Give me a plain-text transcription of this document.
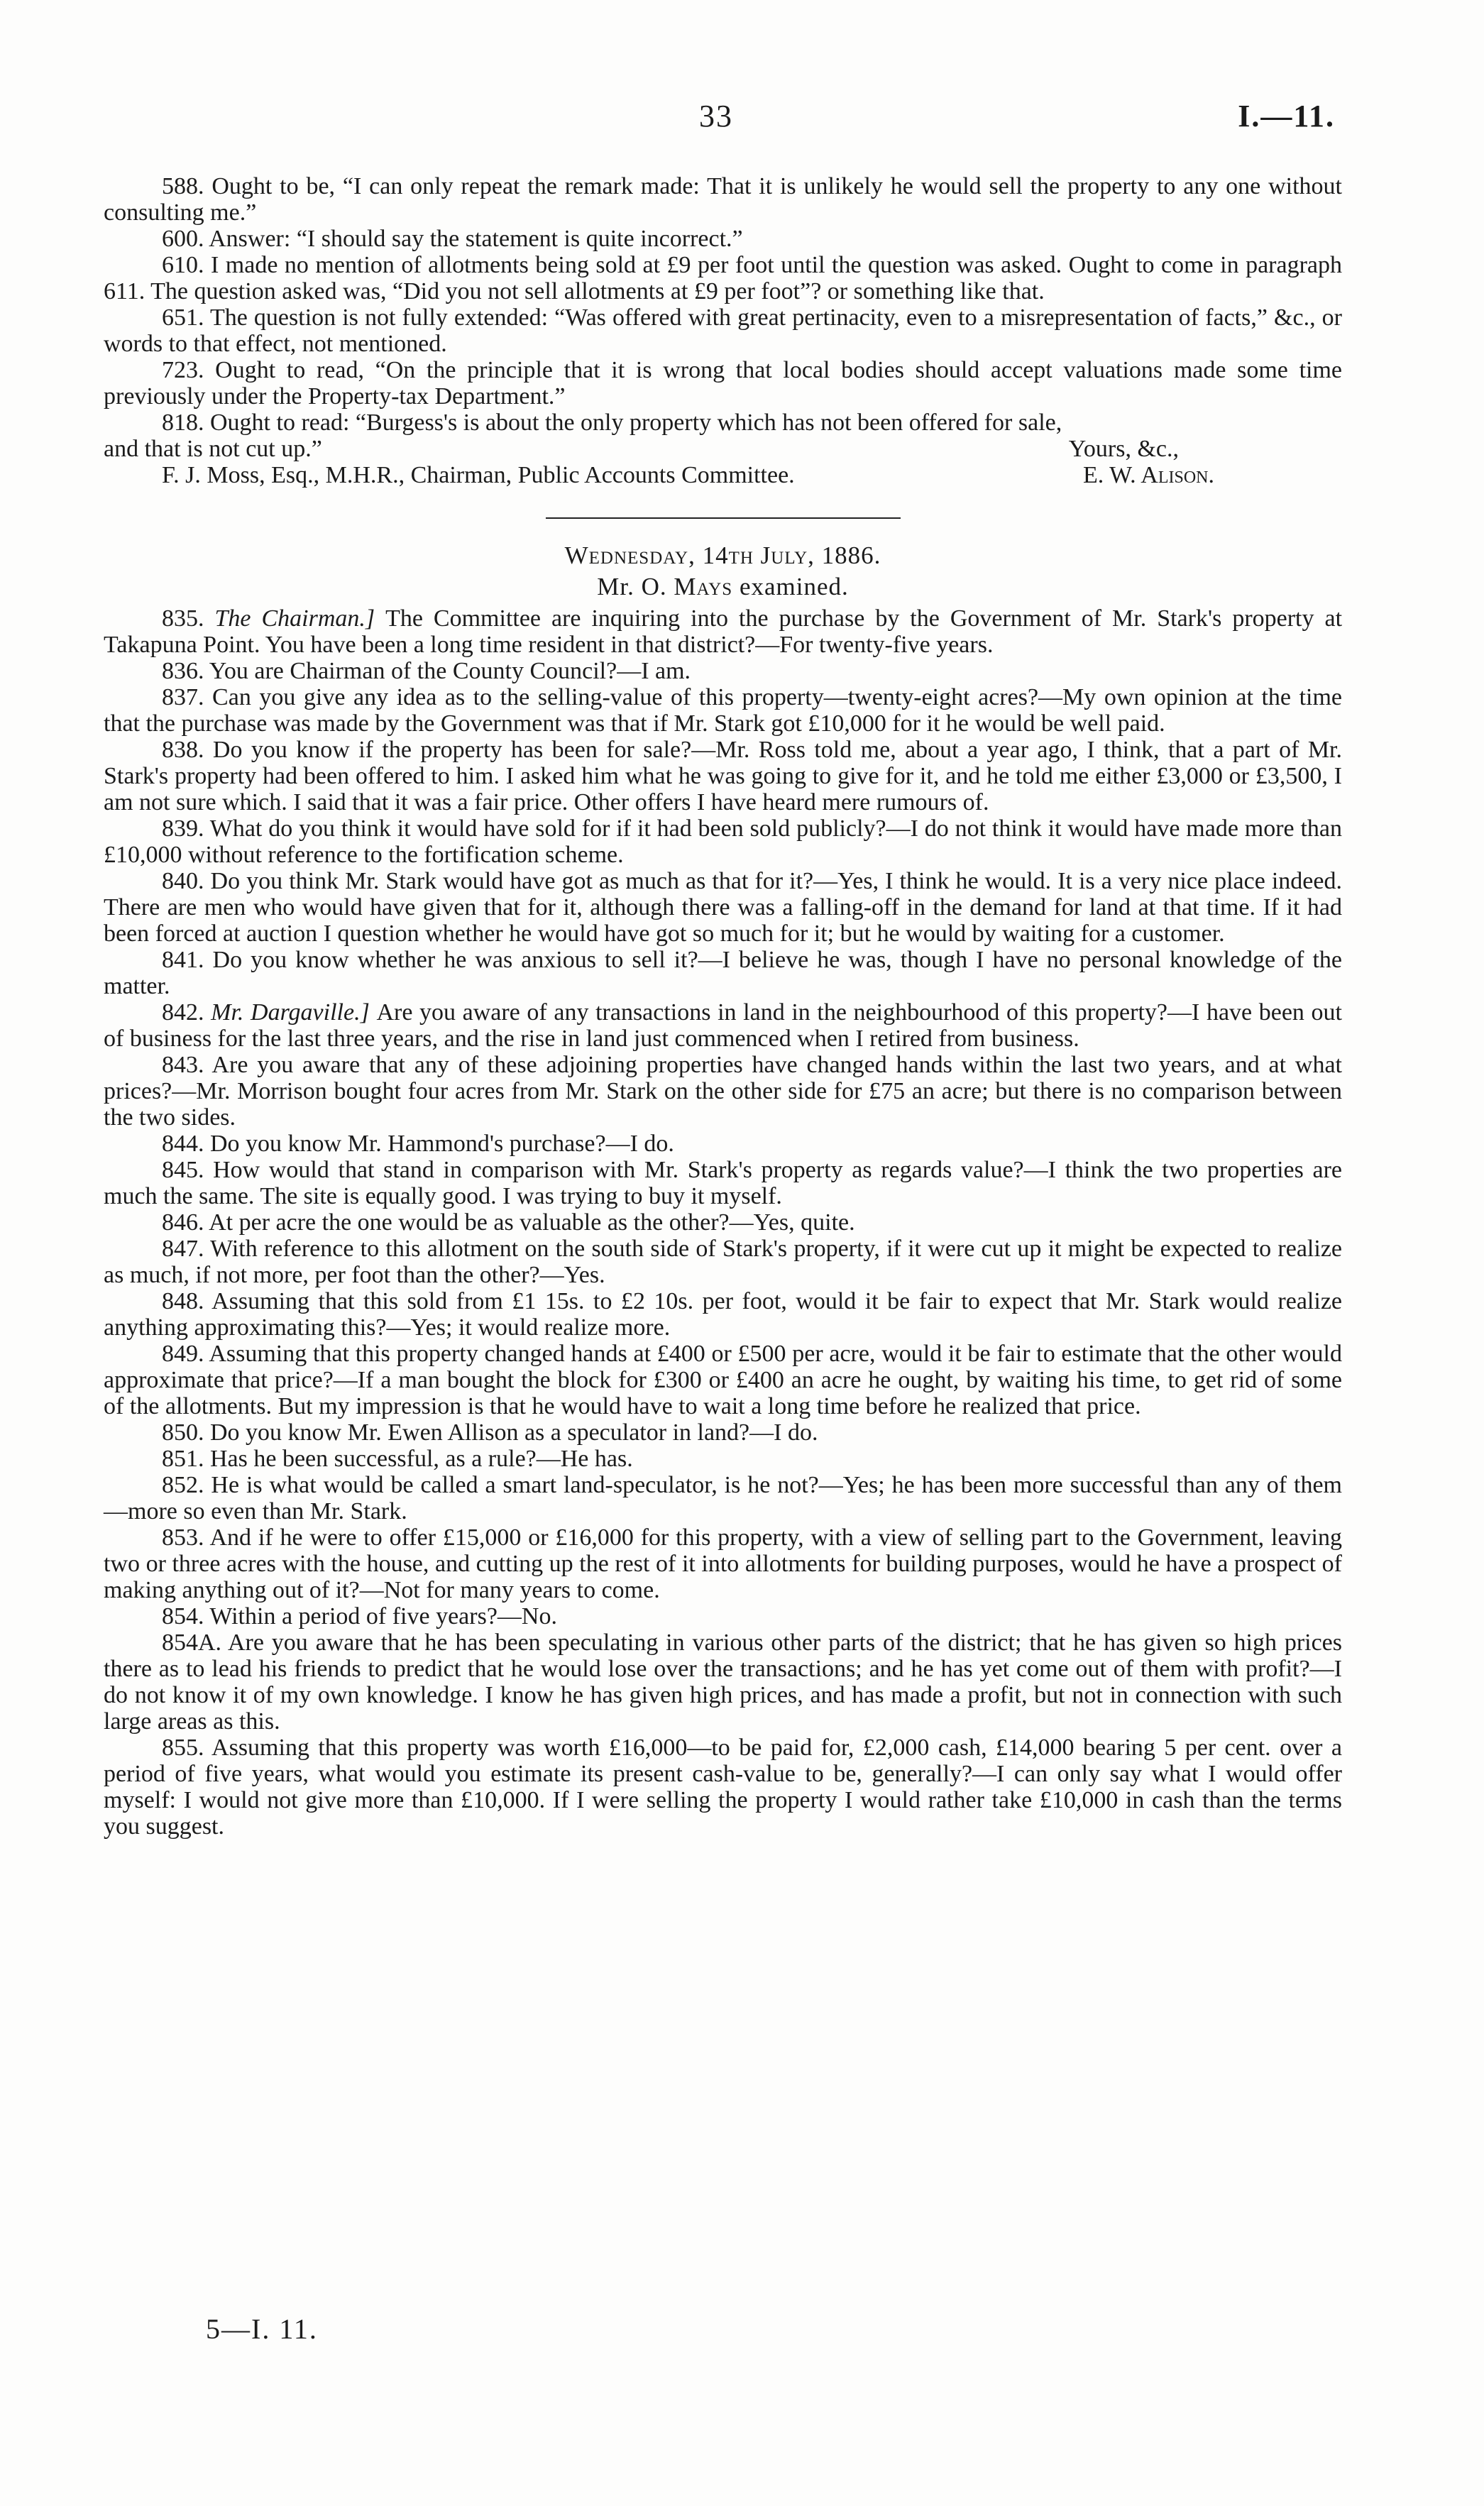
33	I.—11.

588. Ought to be, “I can only repeat the remark made: That it is unlikely he would sell the property to any one without consulting me.”

600. Answer: “I should say the statement is quite incorrect.”

610. I made no mention of allotments being sold at £9 per foot until the question was asked. Ought to come in paragraph 611. The question asked was, “Did you not sell allotments at £9 per foot”? or something like that.

651. The question is not fully extended: “Was offered with great pertinacity, even to a misrepresentation of facts,” &c., or words to that effect, not mentioned.

723. Ought to read, “On the principle that it is wrong that local bodies should accept valuations made some time previously under the Property-tax Department.”

818. Ought to read: “Burgess's is about the only property which has not been offered for sale,

and that is not cut up.”	Yours, &c.,

F. J. Moss, Esq., M.H.R., Chairman, Public Accounts Committee.	E. W. Alison.

Wednesday, 14th July, 1886.

Mr. O. Mays examined.

835. The Chairman.] The Committee are inquiring into the purchase by the Government of Mr. Stark's property at Takapuna Point. You have been a long time resident in that district?—For twenty-five years.

836. You are Chairman of the County Council?—I am.

837. Can you give any idea as to the selling-value of this property—twenty-eight acres?—My own opinion at the time that the purchase was made by the Government was that if Mr. Stark got £10,000 for it he would be well paid.

838. Do you know if the property has been for sale?—Mr. Ross told me, about a year ago, I think, that a part of Mr. Stark's property had been offered to him. I asked him what he was going to give for it, and he told me either £3,000 or £3,500, I am not sure which. I said that it was a fair price. Other offers I have heard mere rumours of.

839. What do you think it would have sold for if it had been sold publicly?—I do not think it would have made more than £10,000 without reference to the fortification scheme.

840. Do you think Mr. Stark would have got as much as that for it?—Yes, I think he would. It is a very nice place indeed. There are men who would have given that for it, although there was a falling-off in the demand for land at that time. If it had been forced at auction I question whether he would have got so much for it; but he would by waiting for a customer.

841. Do you know whether he was anxious to sell it?—I believe he was, though I have no personal knowledge of the matter.

842. Mr. Dargaville.] Are you aware of any transactions in land in the neighbourhood of this property?—I have been out of business for the last three years, and the rise in land just commenced when I retired from business.

843. Are you aware that any of these adjoining properties have changed hands within the last two years, and at what prices?—Mr. Morrison bought four acres from Mr. Stark on the other side for £75 an acre; but there is no comparison between the two sides.

844. Do you know Mr. Hammond's purchase?—I do.

845. How would that stand in comparison with Mr. Stark's property as regards value?—I think the two properties are much the same. The site is equally good. I was trying to buy it myself.

846. At per acre the one would be as valuable as the other?—Yes, quite.

847. With reference to this allotment on the south side of Stark's property, if it were cut up it might be expected to realize as much, if not more, per foot than the other?—Yes.

848. Assuming that this sold from £1 15s. to £2 10s. per foot, would it be fair to expect that Mr. Stark would realize anything approximating this?—Yes; it would realize more.

849. Assuming that this property changed hands at £400 or £500 per acre, would it be fair to estimate that the other would approximate that price?—If a man bought the block for £300 or £400 an acre he ought, by waiting his time, to get rid of some of the allotments. But my impression is that he would have to wait a long time before he realized that price.

850. Do you know Mr. Ewen Allison as a speculator in land?—I do.

851. Has he been successful, as a rule?—He has.

852. He is what would be called a smart land-speculator, is he not?—Yes; he has been more successful than any of them—more so even than Mr. Stark.

853. And if he were to offer £15,000 or £16,000 for this property, with a view of selling part to the Government, leaving two or three acres with the house, and cutting up the rest of it into allotments for building purposes, would he have a prospect of making anything out of it?—Not for many years to come.

854. Within a period of five years?—No.

854A. Are you aware that he has been speculating in various other parts of the district; that he has given so high prices there as to lead his friends to predict that he would lose over the transactions; and he has yet come out of them with profit?—I do not know it of my own knowledge. I know he has given high prices, and has made a profit, but not in connection with such large areas as this.

855. Assuming that this property was worth £16,000—to be paid for, £2,000 cash, £14,000 bearing 5 per cent. over a period of five years, what would you estimate its present cash-value to be, generally?—I can only say what I would offer myself: I would not give more than £10,000. If I were selling the property I would rather take £10,000 in cash than the terms you suggest.

5—I. 11.
